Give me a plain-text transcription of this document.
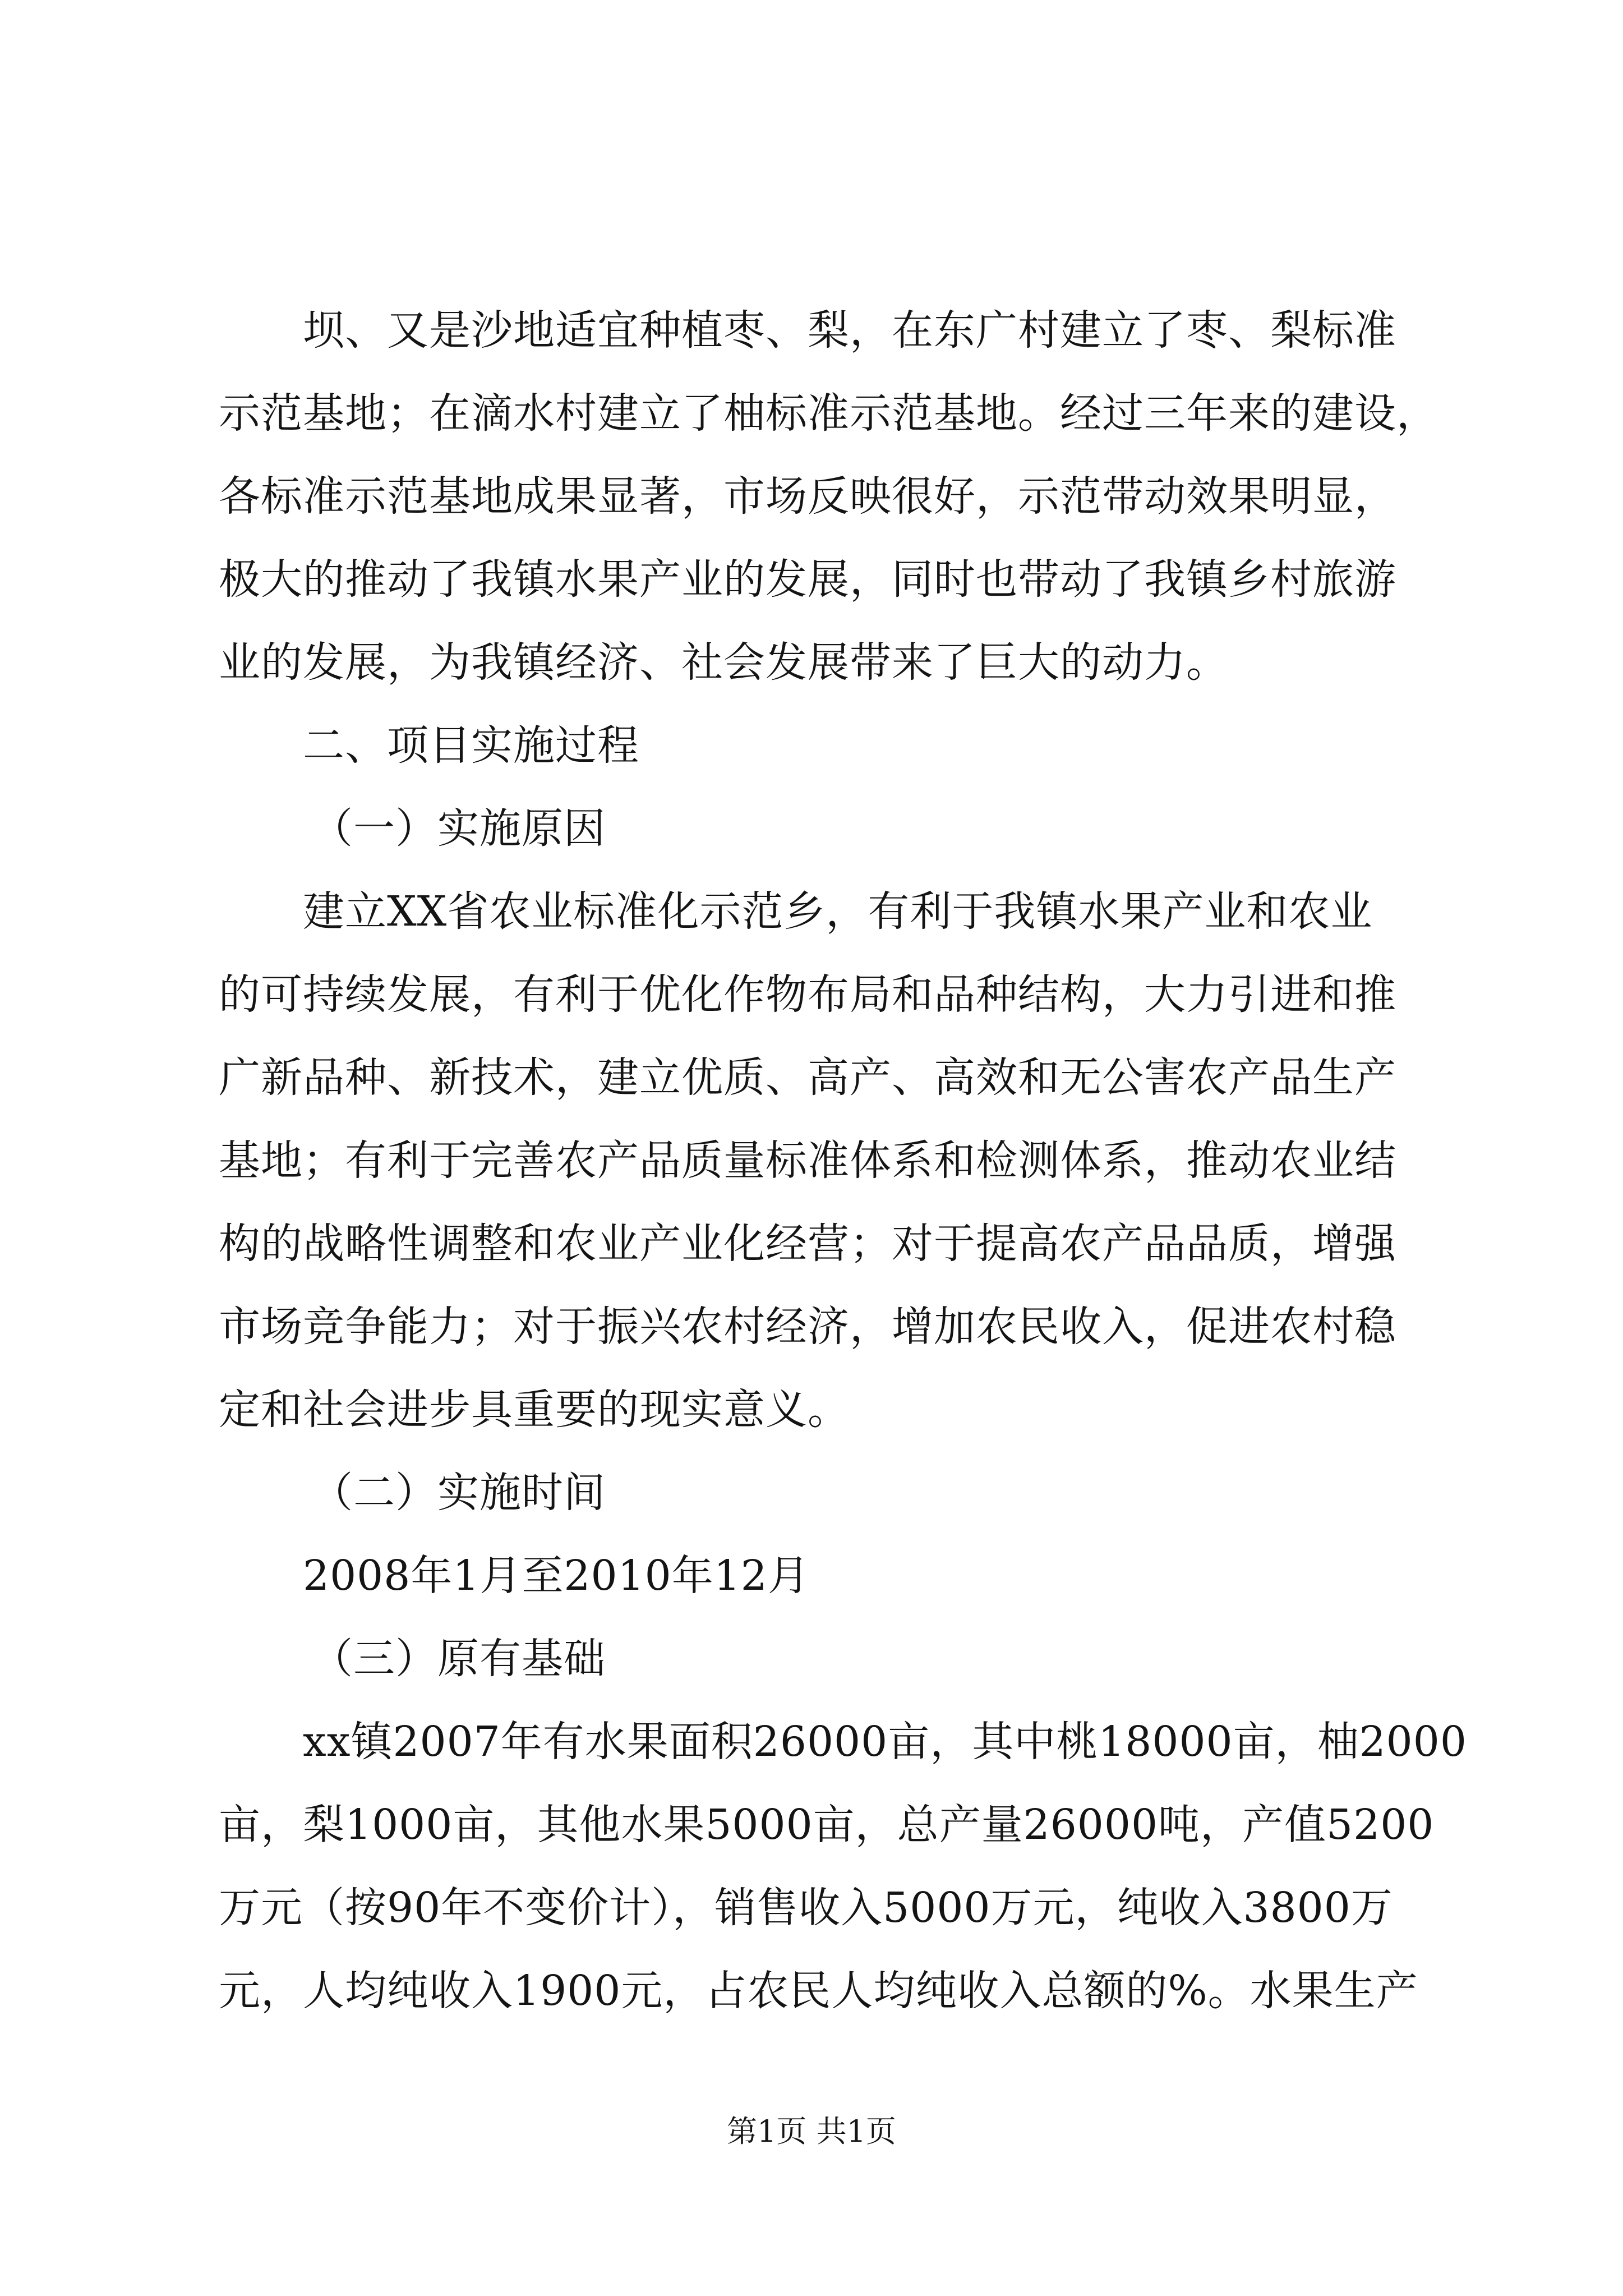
坝、又是沙地适宜种植枣、梨，在东广村建立了枣、梨标准
示范基地；在滴水村建立了柚标准示范基地。经过三年来的建设，
各标准示范基地成果显著，市场反映很好，示范带动效果明显，
极大的推动了我镇水果产业的发展，同时也带动了我镇乡村旅游
业的发展，为我镇经济、社会发展带来了巨大的动力。
二、项目实施过程
（一）实施原因
建立XX省农业标准化示范乡，有利于我镇水果产业和农业
的可持续发展，有利于优化作物布局和品种结构，大力引进和推
广新品种、新技术，建立优质、高产、高效和无公害农产品生产
基地；有利于完善农产品质量标准体系和检测体系，推动农业结
构的战略性调整和农业产业化经营；对于提高农产品品质，增强
市场竞争能力；对于振兴农村经济，增加农民收入，促进农村稳
定和社会进步具重要的现实意义。
（二）实施时间
2008年1月至2010年12月
（三）原有基础
xx镇2007年有水果面积26000亩，其中桃18000亩，柚2000
亩，梨1000亩，其他水果5000亩，总产量26000吨，产值5200
万元（按90年不变价计），销售收入5000万元，纯收入3800万
元，人均纯收入1900元，占农民人均纯收入总额的%。水果生产
第1页 共1页
